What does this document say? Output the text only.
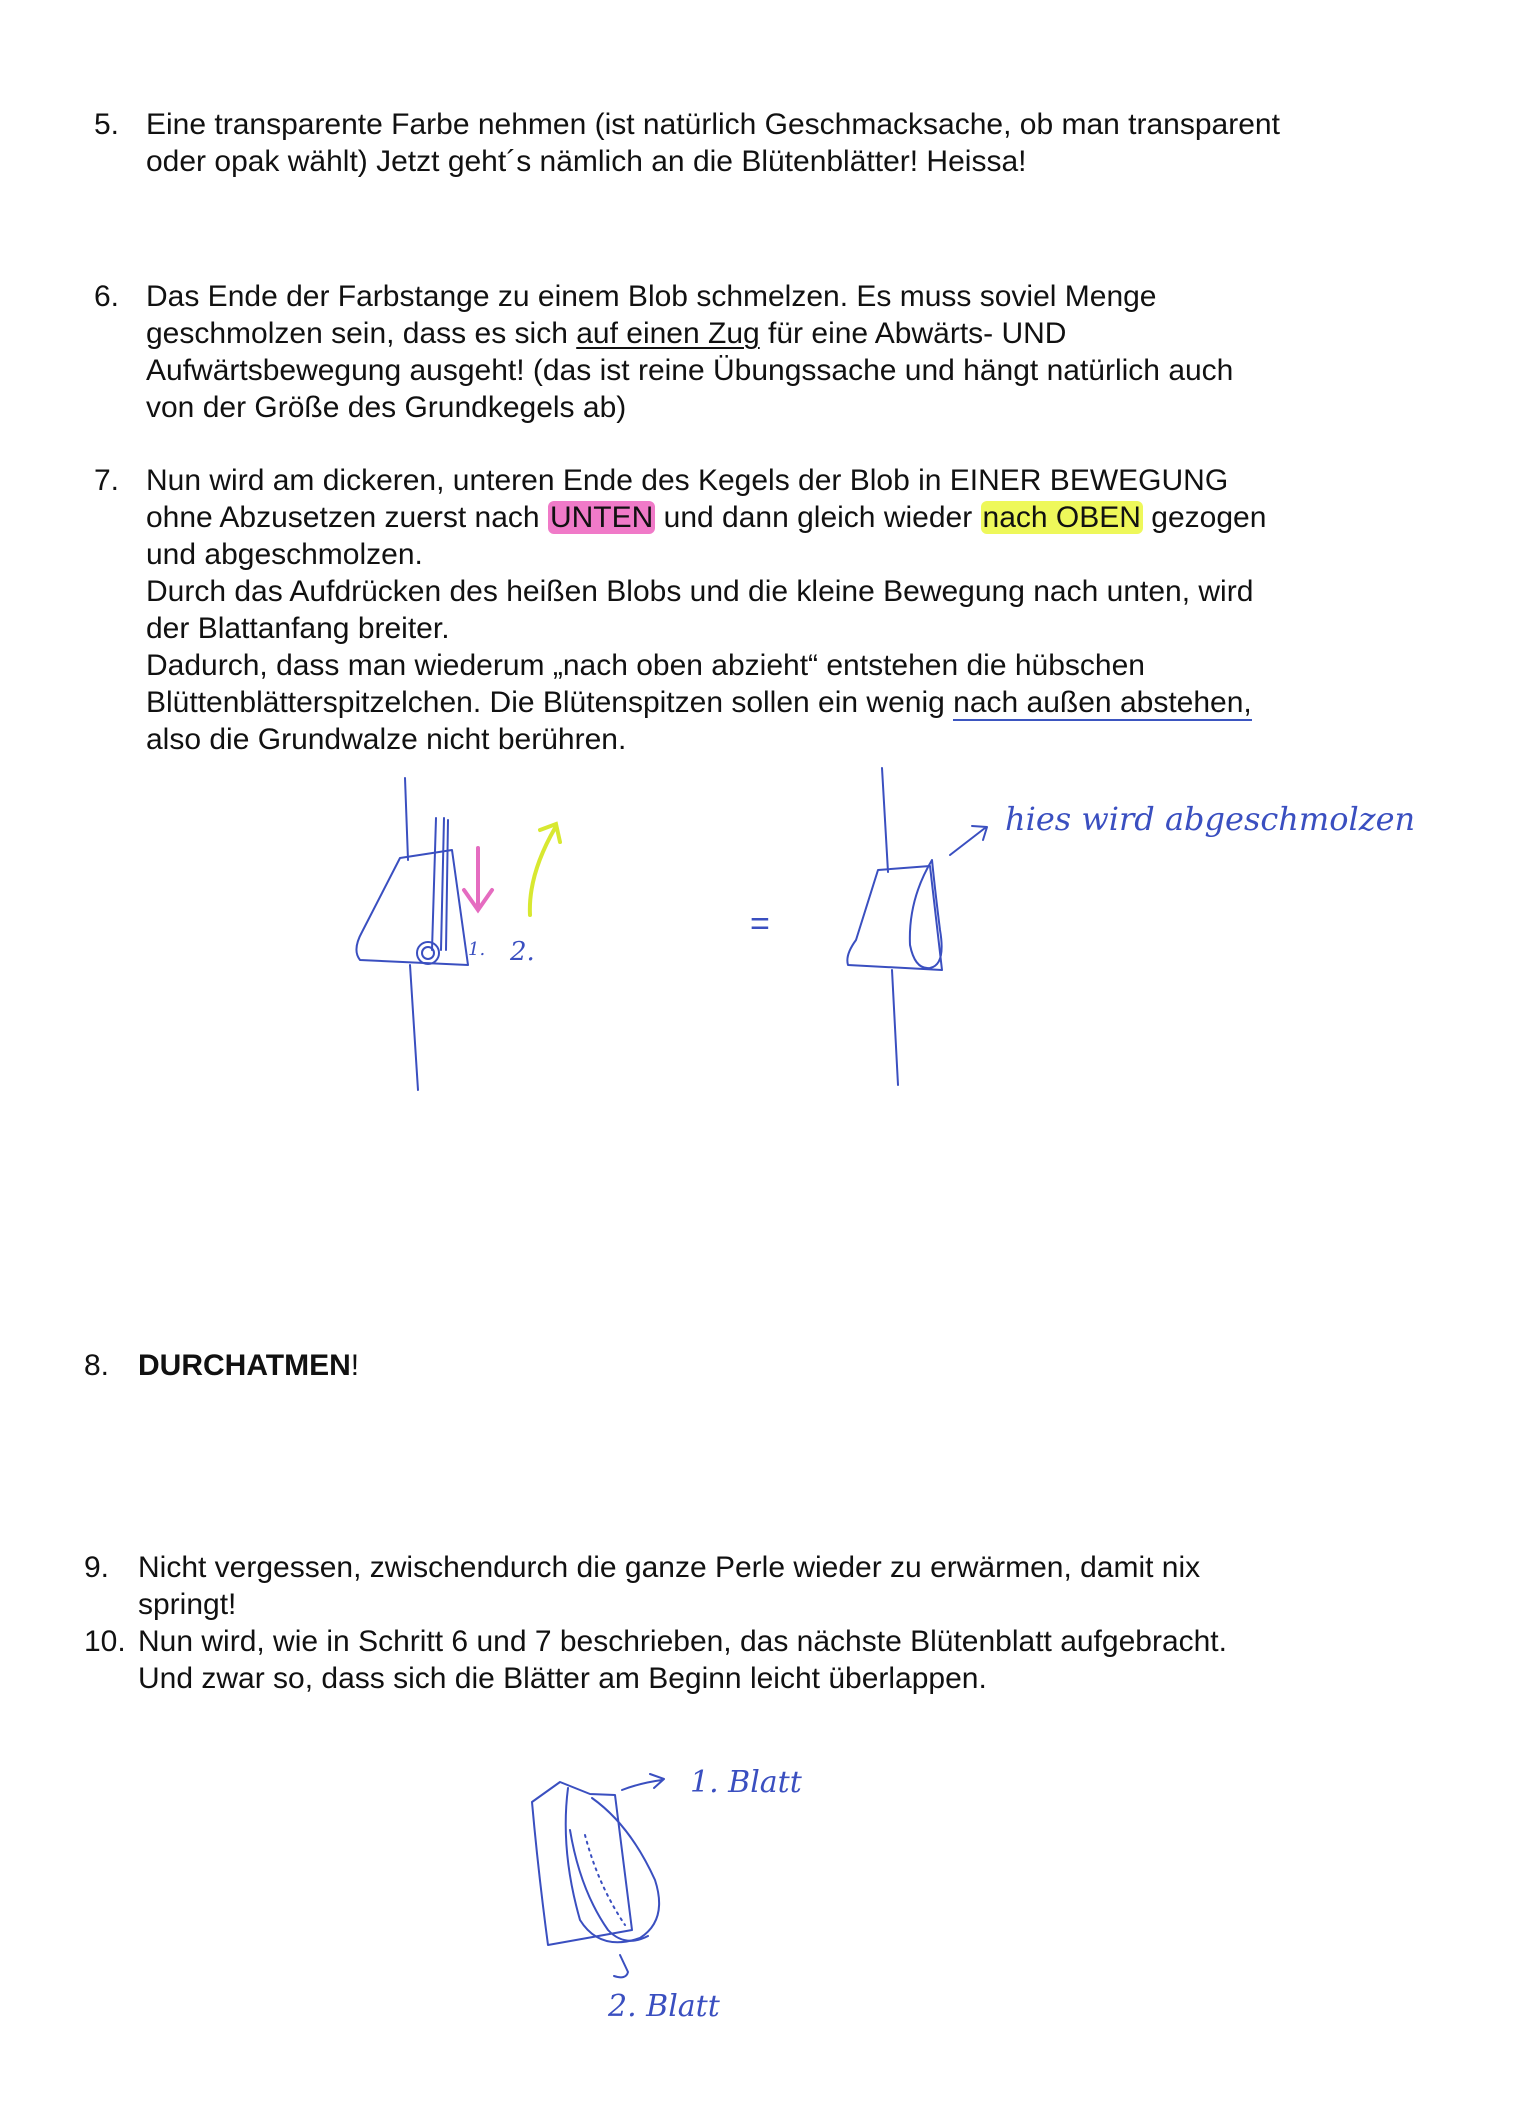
5. Eine transparente Farbe nehmen (ist natürlich Geschmacksache, ob man transparent
oder opak wählt) Jetzt geht´s nämlich an die Blütenblätter! Heissa!
6. Das Ende der Farbstange zu einem Blob schmelzen. Es muss soviel Menge
geschmolzen sein, dass es sich auf einen Zug für eine Abwärts- UND
Aufwärtsbewegung ausgeht! (das ist reine Übungssache und hängt natürlich auch
von der Größe des Grundkegels ab)
7. Nun wird am dickeren, unteren Ende des Kegels der Blob in EINER BEWEGUNG
ohne Abzusetzen zuerst nach UNTEN und dann gleich wieder nach OBEN gezogen
und abgeschmolzen.
Durch das Aufdrücken des heißen Blobs und die kleine Bewegung nach unten, wird
der Blattanfang breiter.
Dadurch, dass man wiederum „nach oben abzieht“ entstehen die hübschen
Blüttenblätterspitzelchen. Die Blütenspitzen sollen ein wenig nach außen abstehen,
also die Grundwalze nicht berühren.
1. 2.
=
hies wird abgeschmolzen
8. DURCHATMEN!
9. Nicht vergessen, zwischendurch die ganze Perle wieder zu erwärmen, damit nix
springt!
10. Nun wird, wie in Schritt 6 und 7 beschrieben, das nächste Blütenblatt aufgebracht.
Und zwar so, dass sich die Blätter am Beginn leicht überlappen.
1. Blatt
2. Blatt
